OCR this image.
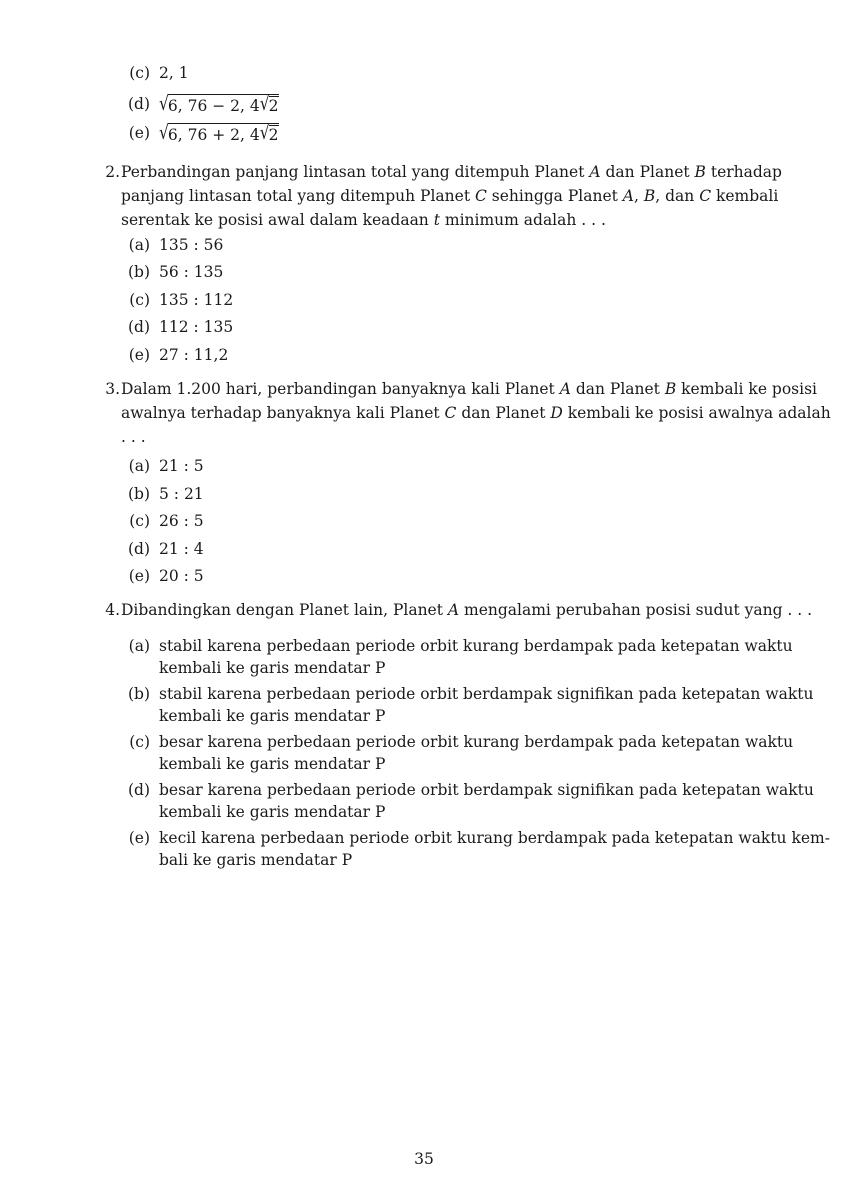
(c) 2, 1
(d) √6, 76 − 2, 4√2
(e) √6, 76 + 2, 4√2
2. Perbandingan panjang lintasan total yang ditempuh Planet A dan Planet B terhadap
panjang lintasan total yang ditempuh Planet C sehingga Planet A, B, dan C kembali
serentak ke posisi awal dalam keadaan t minimum adalah . . .
(a) 135 : 56
(b) 56 : 135
(c) 135 : 112
(d) 112 : 135
(e) 27 : 11,2
3. Dalam 1.200 hari, perbandingan banyaknya kali Planet A dan Planet B kembali ke posisi
awalnya terhadap banyaknya kali Planet C dan Planet D kembali ke posisi awalnya adalah
. . .
(a) 21 : 5
(b) 5 : 21
(c) 26 : 5
(d) 21 : 4
(e) 20 : 5
4. Dibandingkan dengan Planet lain, Planet A mengalami perubahan posisi sudut yang . . .
(a) stabil karena perbedaan periode orbit kurang berdampak pada ketepatan waktu
kembali ke garis mendatar P
(b) stabil karena perbedaan periode orbit berdampak signifikan pada ketepatan waktu
kembali ke garis mendatar P
(c) besar karena perbedaan periode orbit kurang berdampak pada ketepatan waktu
kembali ke garis mendatar P
(d) besar karena perbedaan periode orbit berdampak signifikan pada ketepatan waktu
kembali ke garis mendatar P
(e) kecil karena perbedaan periode orbit kurang berdampak pada ketepatan waktu kem-
bali ke garis mendatar P
35
